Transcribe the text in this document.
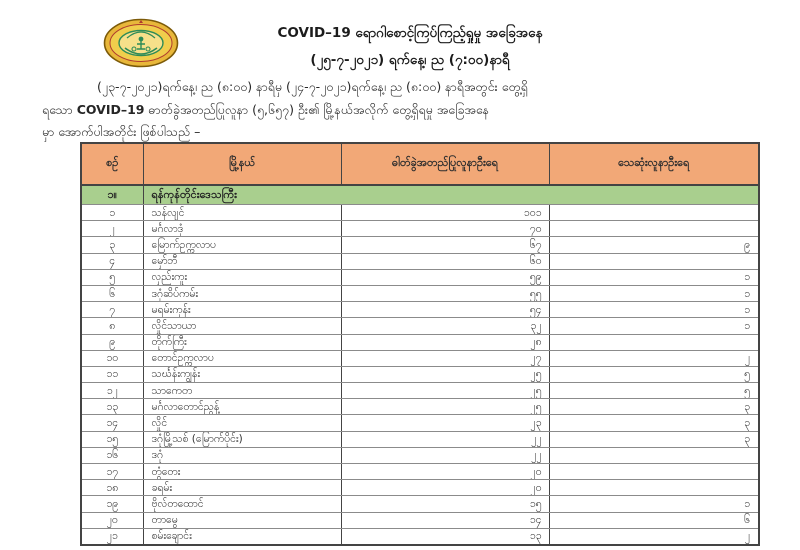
COVID–19 ရောဂါစောင့်ကြပ်ကြည့်ရှုမှု အခြေအနေ
(၂၅-၇-၂၀၂၁) ရက်နေ့၊ ည (၇:၀၀)နာရီ
(၂၃-၇-၂၀၂၁)ရက်နေ့၊ ည (၈:၀၀) နာရီမှ (၂၄-၇-၂၀၂၁)ရက်နေ့၊ ည (၈:၀၀) နာရီအတွင်း တွေ့ရှိ
ရသော COVID–19 ဓာတ်ခွဲအတည်ပြုလူနာ (၅,၆၅၇) ဦး၏ မြို့နယ်အလိုက် တွေ့ရှိရမှု အခြေအနေ
မှာ အောက်ပါအတိုင်း ဖြစ်ပါသည် –
စဉ်	မြို့နယ်	ဓါတ်ခွဲအတည်ပြုလူနာဦးရေ	သေဆုံးလူနာဦးရေ
၁။	ရန်ကုန်တိုင်းဒေသကြီး		
၁	သန်လျင်	၁၀၁	
၂	မင်္ဂလာဒုံ	၇၀	
၃	မြောက်ဥက္ကလာပ	၆၇	၉
၄	မှော်ဘီ	၆၀	
၅	လှည်းကူး	၅၉	၁
၆	ဒဂုံဆိပ်ကမ်း	၅၅	၁
၇	မရမ်းကုန်း	၅၄	၁
၈	လှိုင်သာယာ	၃၂	၁
၉	တိုက်ကြီး	၂၈	
၁၀	တောင်ဥက္ကလာပ	၂၇	၂
၁၁	သင်္ဃန်းကျွန်း	၂၅	၅
၁၂	သာကေတ	၂၅	၅
၁၃	မင်္ဂလာတောင်ညွန့်	၂၅	၃
၁၄	လှိုင်	၂၃	၃
၁၅	ဒဂုံမြို့သစ် (မြောက်ပိုင်း)	၂၂	၃
၁၆	ဒဂုံ	၂၂	
၁၇	တွံတေး	၂၀	
၁၈	ခရမ်း	၂၀	
၁၉	ဗိုလ်တထောင်	၁၅	၁
၂၀	တာမွေ	၁၄	၆
၂၁	စမ်းချောင်း	၁၃	၂
